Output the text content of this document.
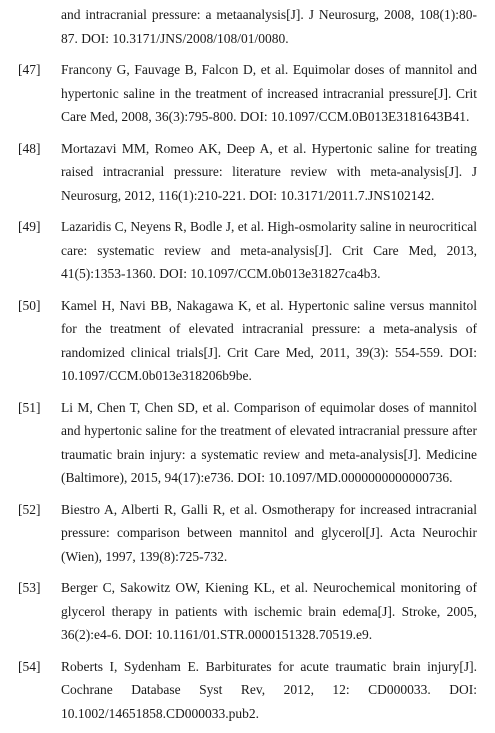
and intracranial pressure: a metaanalysis[J]. J Neurosurg, 2008, 108(1):80-87. DOI: 10.3171/JNS/2008/108/01/0080.
[47] Francony G, Fauvage B, Falcon D, et al. Equimolar doses of mannitol and hypertonic saline in the treatment of increased intracranial pressure[J]. Crit Care Med, 2008, 36(3):795-800. DOI: 10.1097/CCM.0B013E3181643B41.
[48] Mortazavi MM, Romeo AK, Deep A, et al. Hypertonic saline for treating raised intracranial pressure: literature review with meta-analysis[J]. J Neurosurg, 2012, 116(1):210-221. DOI: 10.3171/2011.7.JNS102142.
[49] Lazaridis C, Neyens R, Bodle J, et al. High-osmolarity saline in neurocritical care: systematic review and meta-analysis[J]. Crit Care Med, 2013, 41(5):1353-1360. DOI: 10.1097/CCM.0b013e31827ca4b3.
[50] Kamel H, Navi BB, Nakagawa K, et al. Hypertonic saline versus mannitol for the treatment of elevated intracranial pressure: a meta-analysis of randomized clinical trials[J]. Crit Care Med, 2011, 39(3): 554-559. DOI: 10.1097/CCM.0b013e318206b9be.
[51] Li M, Chen T, Chen SD, et al. Comparison of equimolar doses of mannitol and hypertonic saline for the treatment of elevated intracranial pressure after traumatic brain injury: a systematic review and meta-analysis[J]. Medicine (Baltimore), 2015, 94(17):e736. DOI: 10.1097/MD.0000000000000736.
[52] Biestro A, Alberti R, Galli R, et al. Osmotherapy for increased intracranial pressure: comparison between mannitol and glycerol[J]. Acta Neurochir (Wien), 1997, 139(8):725-732.
[53] Berger C, Sakowitz OW, Kiening KL, et al. Neurochemical monitoring of glycerol therapy in patients with ischemic brain edema[J]. Stroke, 2005, 36(2):e4-6. DOI: 10.1161/01.STR.0000151328.70519.e9.
[54] Roberts I, Sydenham E. Barbiturates for acute traumatic brain injury[J]. Cochrane Database Syst Rev, 2012, 12: CD000033. DOI: 10.1002/14651858.CD000033.pub2.
